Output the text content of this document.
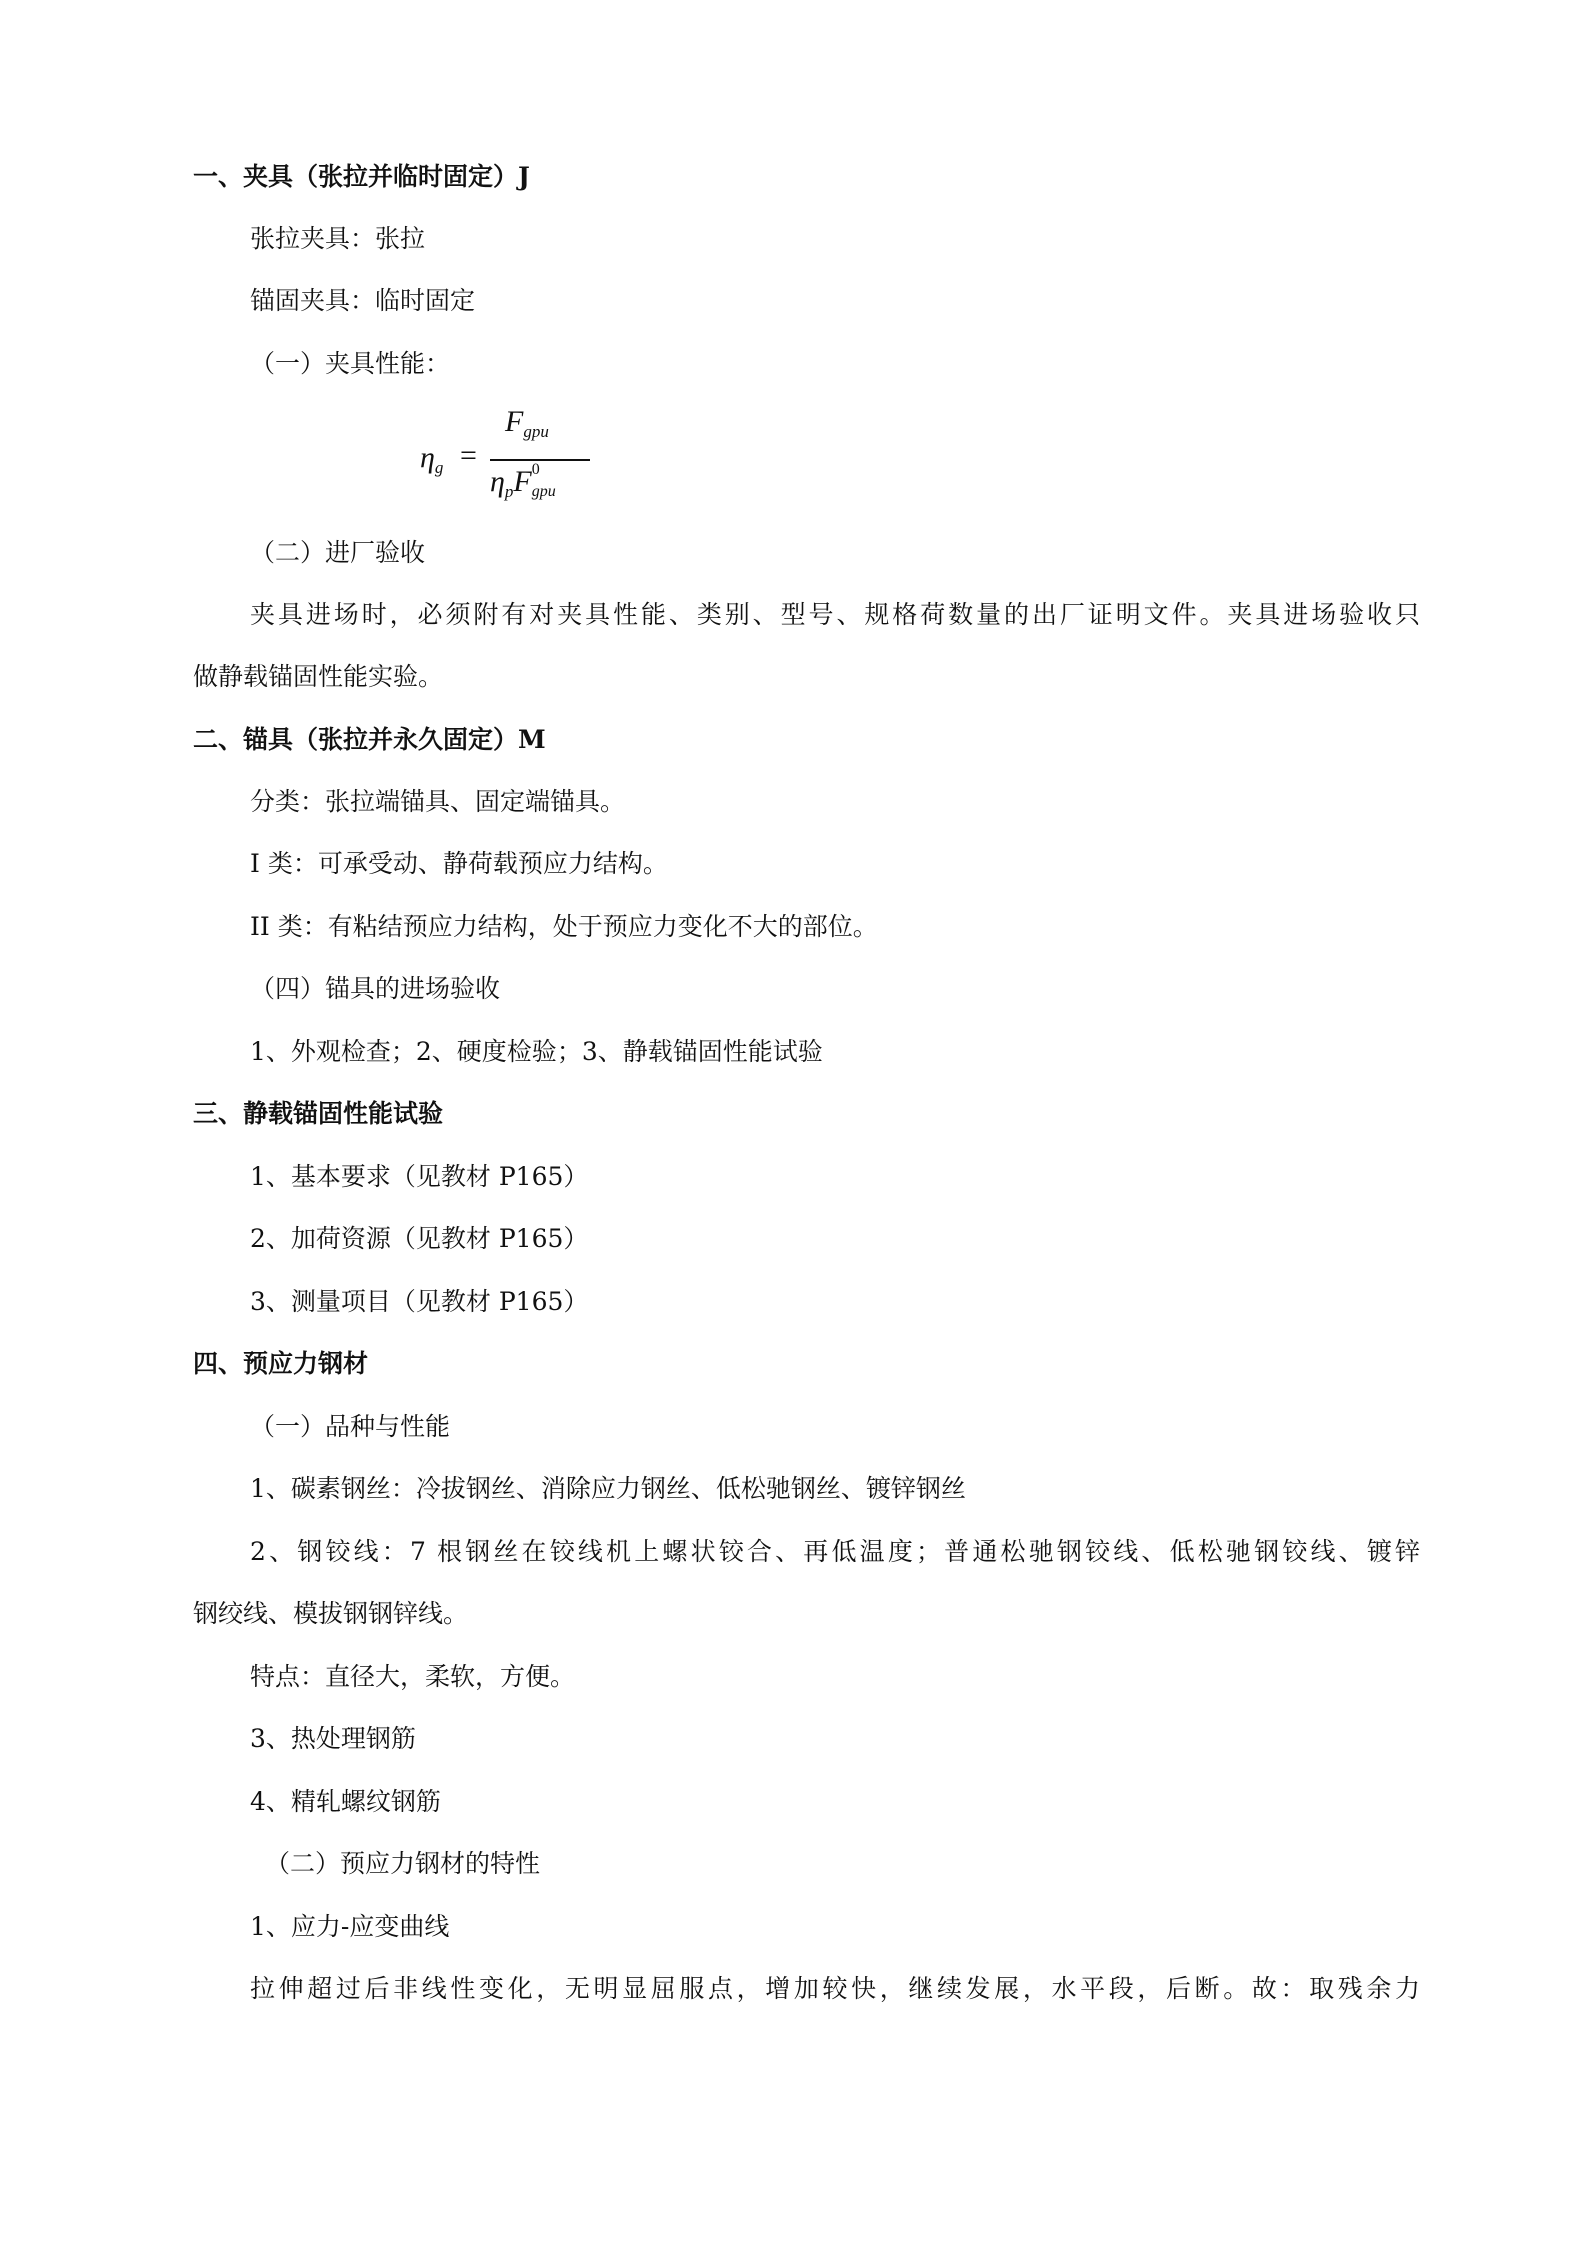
一、夹具（张拉并临时固定）J
张拉夹具：张拉
锚固夹具：临时固定
（一）夹具性能：
$\eta_g$ =
$F_{gpu}$
$\eta_pF$ 0
gpu
（二）进厂验收
夹具进场时，必须附有对夹具性能、类别、型号、规格荷数量的出厂证明文件。夹具进场验收只
做静载锚固性能实验。
二、锚具（张拉并永久固定）M
分类：张拉端锚具、固定端锚具。
I 类：可承受动、静荷载预应力结构。
II 类：有粘结预应力结构，处于预应力变化不大的部位。
（四）锚具的进场验收
1、外观检查；2、硬度检验；3、静载锚固性能试验
三、静载锚固性能试验
1、基本要求（见教材 P165）
2、加荷资源（见教材 P165）
3、测量项目（见教材 P165）
四、预应力钢材
（一）品种与性能
1、碳素钢丝：冷拔钢丝、消除应力钢丝、低松驰钢丝、镀锌钢丝
2、钢铰线：7 根钢丝在铰线机上螺状铰合、再低温度；普通松驰钢铰线、低松驰钢铰线、镀锌
钢绞线、模拔钢钢锌线。
特点：直径大，柔软，方便。
3、热处理钢筋
4、精轧螺纹钢筋
（二）预应力钢材的特性
1、应力-应变曲线
拉伸超过后非线性变化，无明显屈服点，增加较快，继续发展，水平段，后断。故：取残余力
